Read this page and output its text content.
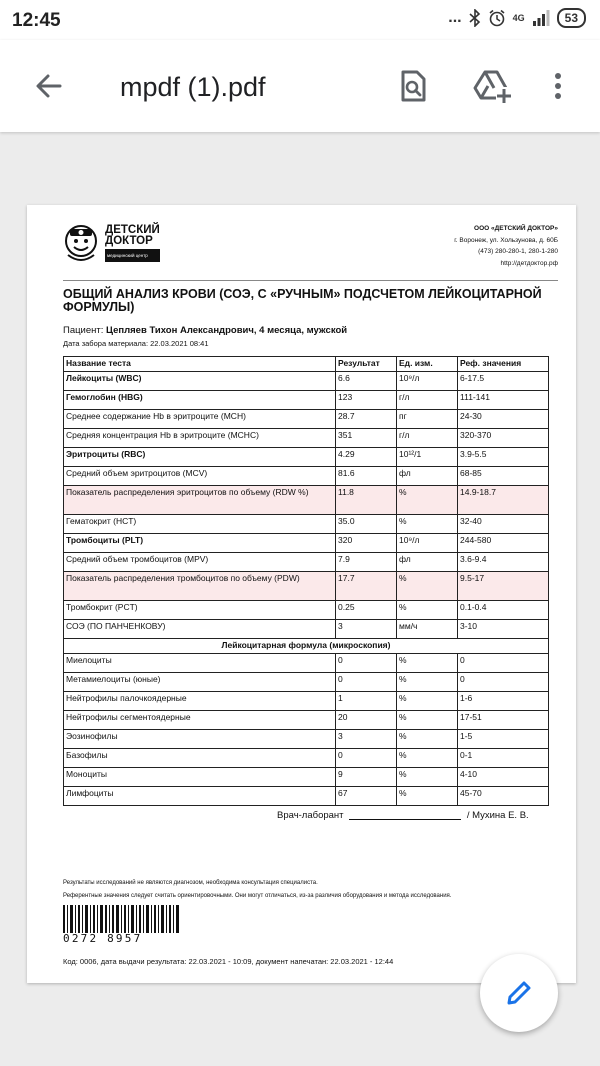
12:45	...	4G	53
mpdf (1).pdf
ДЕТСКИЙ
ДОКТОР
медицинский центр
ООО «ДЕТСКИЙ ДОКТОР»
г. Воронеж, ул. Хользунова, д. 60Б
(473) 280-280-1, 280-1-280
http://детдоктор.рф
ОБЩИЙ АНАЛИЗ КРОВИ (СОЭ, С «РУЧНЫМ» ПОДСЧЕТОМ ЛЕЙКОЦИТАРНОЙ ФОРМУЛЫ)
Пациент: Цепляев Тихон Александрович, 4 месяца, мужской
Дата забора материала: 22.03.2021 08:41
Название теста	Результат	Ед. изм.	Реф. значения
Лейкоциты (WBC)	6.6	10⁹/л	6-17.5
Гемоглобин (HBG)	123	г/л	111-141
Среднее содержание Hb в эритроците (MCH)	28.7	пг	24-30
Средняя концентрация Hb в эритроците (MCHC)	351	г/л	320-370
Эритроциты (RBC)	4.29	10¹²/1	3.9-5.5
Средний объем эритроцитов (MCV)	81.6	фл	68-85
Показатель распределения эритроцитов по объему (RDW %)	11.8	%	14.9-18.7
Гематокрит (HCT)	35.0	%	32-40
Тромбоциты (PLT)	320	10⁹/л	244-580
Средний объем тромбоцитов (MPV)	7.9	фл	3.6-9.4
Показатель распределения тромбоцитов по объему (PDW)	17.7	%	9.5-17
Тромбокрит (PCT)	0.25	%	0.1-0.4
СОЭ (ПО ПАНЧЕНКОВУ)	3	мм/ч	3-10
Лейкоцитарная формула (микроскопия)			
Миелоциты	0	%	0
Метамиелоциты (юные)	0	%	0
Нейтрофилы палочкоядерные	1	%	1-6
Нейтрофилы сегментоядерные	20	%	17-51
Эозинофилы	3	%	1-5
Базофилы	0	%	0-1
Моноциты	9	%	4-10
Лимфоциты	67	%	45-70
Врач-лаборант	/ Мухина Е. В.
Результаты исследований не являются диагнозом, необходима консультация специалиста.
Референтные значения следует считать ориентировочными. Они могут отличаться, из-за различия оборудования и метода исследования.
0272 8957
Код: 0006, дата выдачи результата: 22.03.2021 - 10:09, документ напечатан: 22.03.2021 - 12:44
